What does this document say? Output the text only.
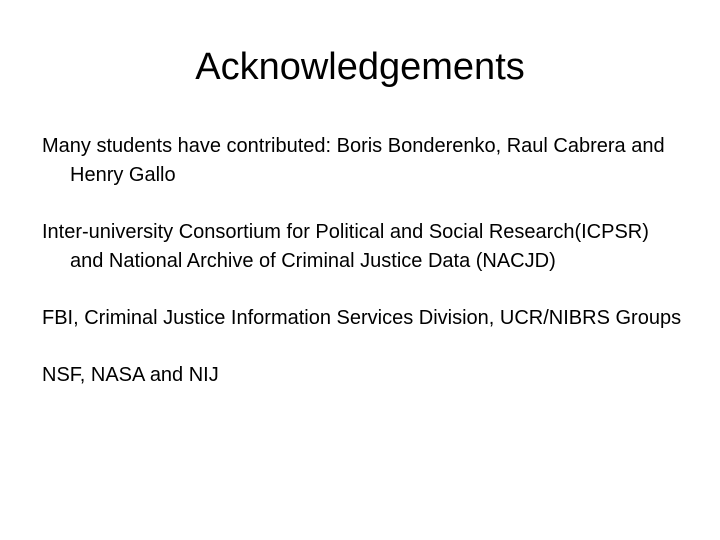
Acknowledgements
Many students have contributed: Boris Bonderenko, Raul Cabrera and Henry Gallo
Inter-university Consortium for Political and Social Research(ICPSR) and National Archive of Criminal Justice Data (NACJD)
FBI, Criminal Justice Information Services Division, UCR/NIBRS Groups
NSF, NASA and NIJ
